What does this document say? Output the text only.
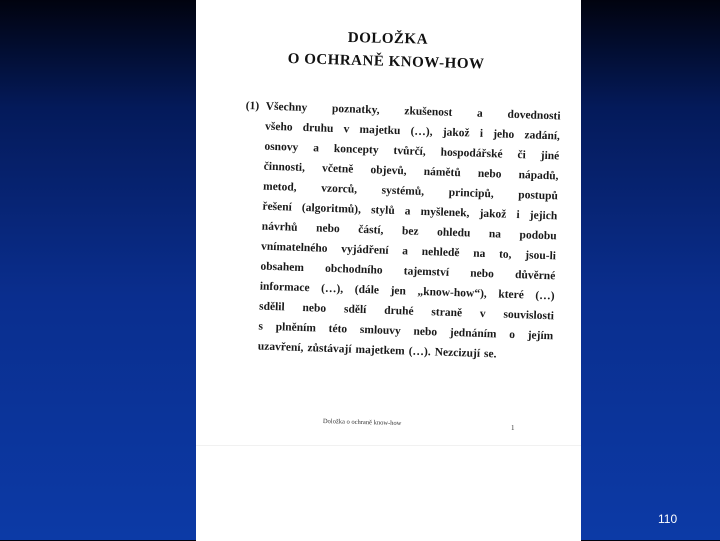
DOLOŽKA
O OCHRANĚ KNOW-HOW
(1) Všechny poznatky, zkušenost a dovednosti
všeho druhu v majetku (…), jakož i jeho zadání,
osnovy a koncepty tvůrčí, hospodářské či jiné
činnosti, včetně objevů, námětů nebo nápadů,
metod, vzorců, systémů, principů, postupů
řešení (algoritmů), stylů a myšlenek, jakož i jejich
návrhů nebo částí, bez ohledu na podobu
vnímatelného vyjádření a nehledě na to, jsou-li
obsahem obchodního tajemství nebo důvěrné
informace (…), (dále jen „know-how“), které (…)
sdělil nebo sdělí druhé straně v souvislosti
s plněním této smlouvy nebo jednáním o jejím
uzavření, zůstávají majetkem (…). Nezcizují se.
Doložka o ochraně know-how
1
110
